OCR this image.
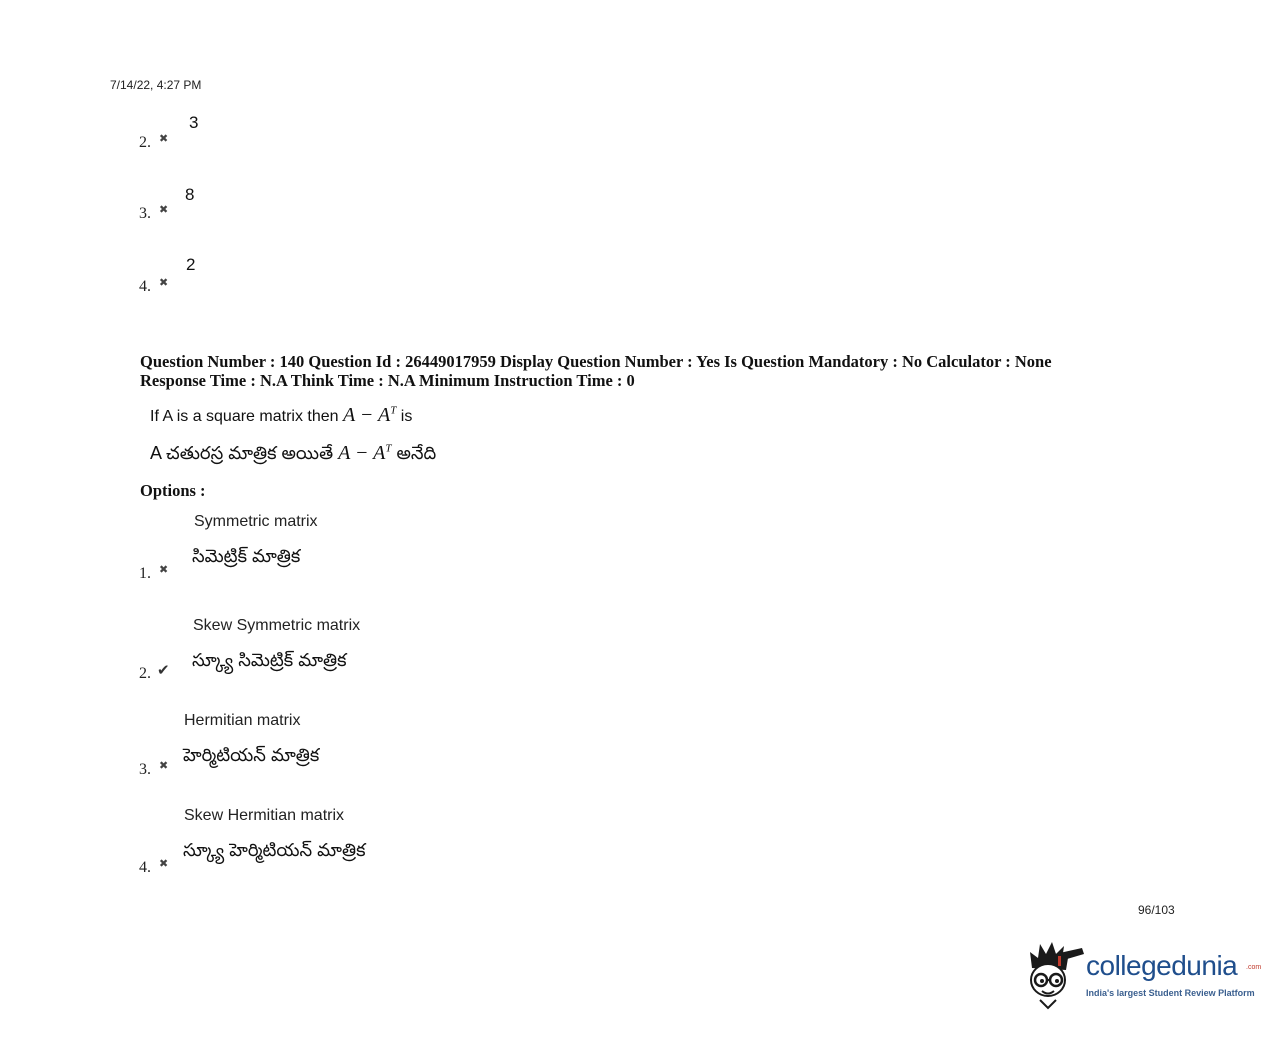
7/14/22, 4:27 PM
3
2. ✖
8
3. ✖
2
4. ✖
Question Number : 140 Question Id : 26449017959 Display Question Number : Yes Is Question Mandatory : No Calculator : None
Response Time : N.A Think Time : N.A Minimum Instruction Time : 0
If A is a square matrix then $A - A^T$ is
A చతురస్ర మాత్రిక అయితే $A - A^T$ అనేది
Options :
Symmetric matrix
సిమెట్రిక్ మాత్రిక
1. ✖
Skew Symmetric matrix
స్క్యూ సిమెట్రిక్ మాత్రిక
2. ✔
Hermitian matrix
హెర్మిటియన్ మాత్రిక
3. ✖
Skew Hermitian matrix
స్క్యూ హెర్మిటియన్ మాత్రిక
4. ✖
96/103
collegedunia .com
India's largest Student Review Platform
